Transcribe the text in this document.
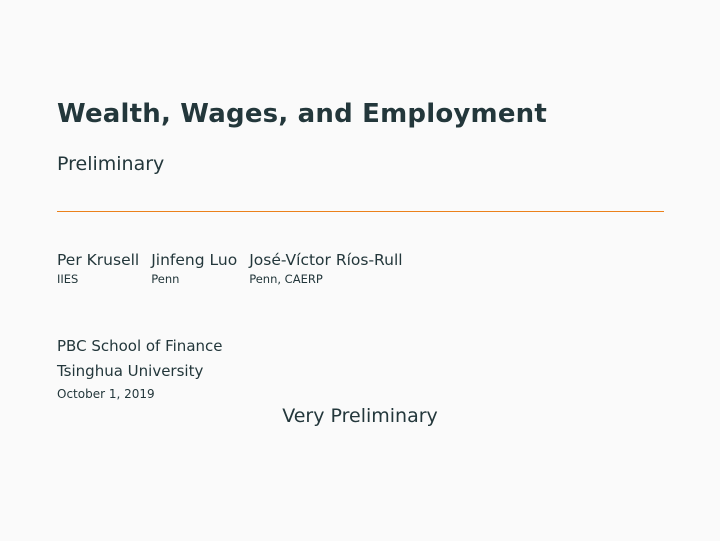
Wealth, Wages, and Employment
Preliminary
Per Krusell
IIES
Jinfeng Luo
Penn
José-Víctor Ríos-Rull
Penn, CAERP
PBC School of Finance
Tsinghua University
October 1, 2019
Very Preliminary
